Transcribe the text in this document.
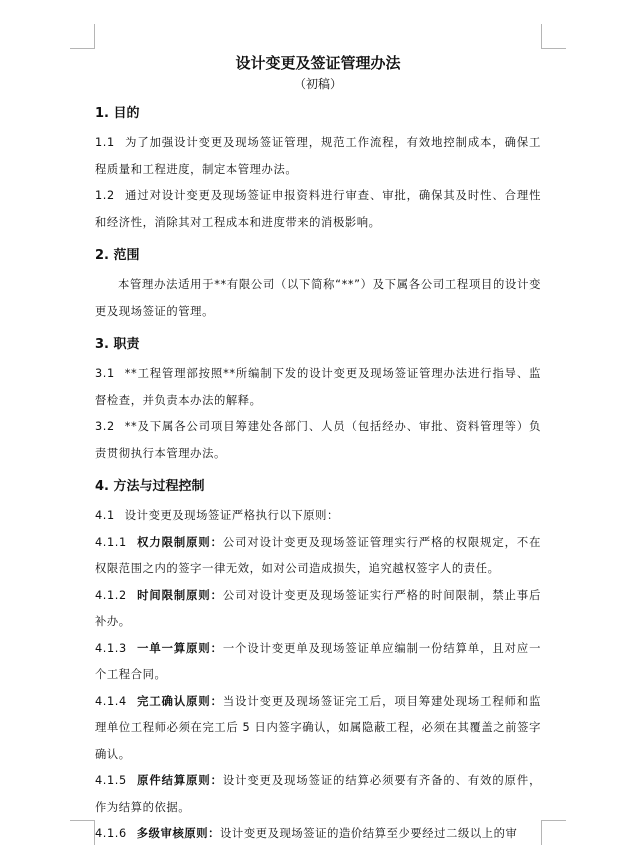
设计变更及签证管理办法
（初稿）
1. 目的

1.1 为了加强设计变更及现场签证管理，规范工作流程，有效地控制成本，确保工程质量和工程进度，制定本管理办法。

1.2 通过对设计变更及现场签证申报资料进行审查、审批，确保其及时性、合理性和经济性，消除其对工程成本和进度带来的消极影响。

2. 范围

本管理办法适用于**有限公司（以下简称“**”）及下属各公司工程项目的设计变更及现场签证的管理。

3. 职责

3.1 **工程管理部按照**所编制下发的设计变更及现场签证管理办法进行指导、监督检查，并负责本办法的解释。

3.2 **及下属各公司项目筹建处各部门、人员（包括经办、审批、资料管理等）负责贯彻执行本管理办法。

4. 方法与过程控制

4.1 设计变更及现场签证严格执行以下原则：

4.1.1 权力限制原则：公司对设计变更及现场签证管理实行严格的权限规定，不在权限范围之内的签字一律无效，如对公司造成损失，追究越权签字人的责任。

4.1.2 时间限制原则：公司对设计变更及现场签证实行严格的时间限制，禁止事后补办。

4.1.3 一单一算原则：一个设计变更单及现场签证单应编制一份结算单，且对应一个工程合同。

4.1.4 完工确认原则：当设计变更及现场签证完工后，项目筹建处现场工程师和监理单位工程师必须在完工后 5 日内签字确认，如属隐蔽工程，必须在其覆盖之前签字确认。

4.1.5 原件结算原则：设计变更及现场签证的结算必须要有齐备的、有效的原件，作为结算的依据。

4.1.6 多级审核原则：设计变更及现场签证的造价结算至少要经过二级以上的审
